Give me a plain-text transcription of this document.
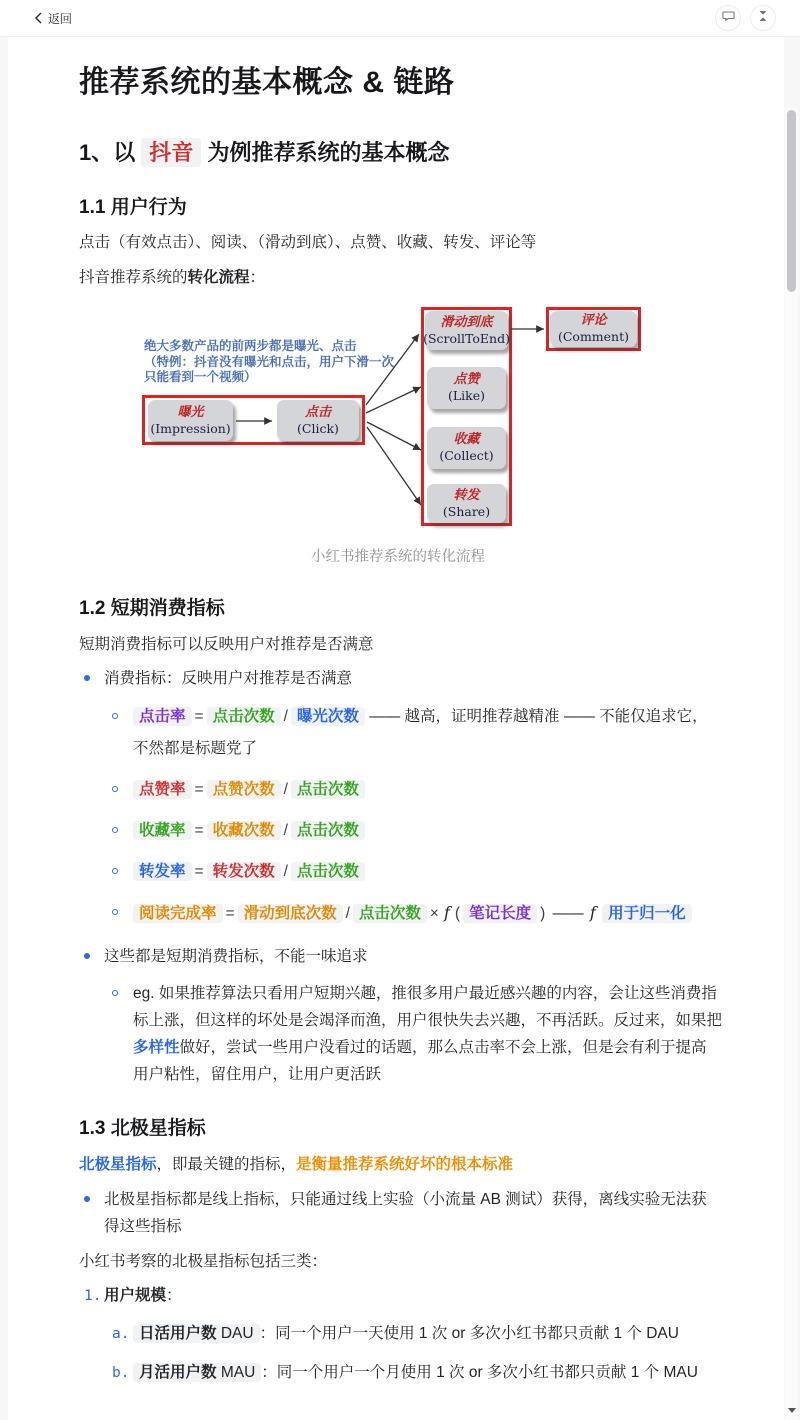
返回
推荐系统的基本概念 & 链路
1、以 抖音 为例推荐系统的基本概念
1.1 用户行为

点击（有效点击）、阅读、（滑动到底）、点赞、收藏、转发、评论等

抖音推荐系统的转化流程：

绝大多数产品的前两步都是曝光、点击
（特例：抖音没有曝光和点击，用户下滑一次
只能看到一个视频）
曝光
(Impression)
点击
(Click)
滑动到底
(ScrollToEnd)
评论
(Comment)
点赞
(Like)
收藏
(Collect)
转发
(Share)
小红书推荐系统的转化流程
1.2 短期消费指标

短期消费指标可以反映用户对推荐是否满意

消费指标：反映用户对推荐是否满意
点击率 = 点击次数 / 曝光次数 —— 越高，证明推荐越精准 —— 不能仅追求它，不然都是标题党了
点赞率 = 点赞次数 / 点击次数
收藏率 = 收藏次数 / 点击次数
转发率 = 转发次数 / 点击次数
阅读完成率 = 滑动到底次数 / 点击次数 × f ( 笔记长度 ) —— f 用于归一化
这些都是短期消费指标，不能一味追求
eg. 如果推荐算法只看用户短期兴趣，推很多用户最近感兴趣的内容，会让这些消费指标上涨，但这样的坏处是会竭泽而渔，用户很快失去兴趣，不再活跃。反过来，如果把多样性做好，尝试一些用户没看过的话题，那么点击率不会上涨，但是会有利于提高用户粘性，留住用户，让用户更活跃
1.3 北极星指标

北极星指标，即最关键的指标，是衡量推荐系统好坏的根本标准

北极星指标都是线上指标，只能通过线上实验（小流量 AB 测试）获得，离线实验无法获得这些指标

小红书考察的北极星指标包括三类：

1. 用户规模：
a. 日活用户数 DAU ：同一个用户一天使用 1 次 or 多次小红书都只贡献 1 个 DAU
b. 月活用户数 MAU ：同一个用户一个月使用 1 次 or 多次小红书都只贡献 1 个 MAU
